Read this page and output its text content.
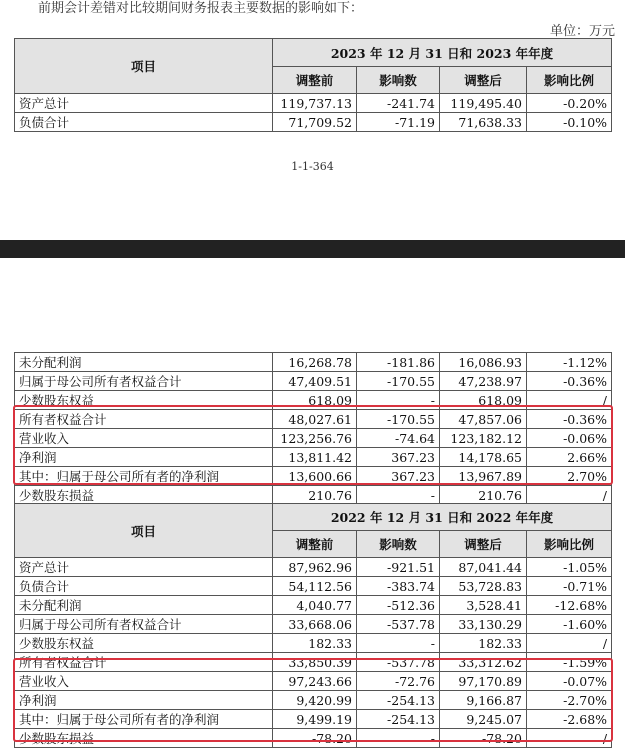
前期会计差错对比较期间财务报表主要数据的影响如下：
单位：万元
项目	2023 年 12 月 31 日和 2023 年年度			
	调整前	影响数	调整后	影响比例
资产总计	119,737.13	-241.74	119,495.40	-0.20%
负债合计	71,709.52	-71.19	71,638.33	-0.10%
1-1-364
未分配利润	16,268.78	-181.86	16,086.93	-1.12%
归属于母公司所有者权益合计	47,409.51	-170.55	47,238.97	-0.36%
少数股东权益	618.09	-	618.09	/
所有者权益合计	48,027.61	-170.55	47,857.06	-0.36%
营业收入	123,256.76	-74.64	123,182.12	-0.06%
净利润	13,811.42	367.23	14,178.65	2.66%
其中：归属于母公司所有者的净利润	13,600.66	367.23	13,967.89	2.70%
少数股东损益	210.76	-	210.76	/
项目	2022 年 12 月 31 日和 2022 年年度			
	调整前	影响数	调整后	影响比例
资产总计	87,962.96	-921.51	87,041.44	-1.05%
负债合计	54,112.56	-383.74	53,728.83	-0.71%
未分配利润	4,040.77	-512.36	3,528.41	-12.68%
归属于母公司所有者权益合计	33,668.06	-537.78	33,130.29	-1.60%
少数股东权益	182.33	-	182.33	/
所有者权益合计	33,850.39	-537.78	33,312.62	-1.59%
营业收入	97,243.66	-72.76	97,170.89	-0.07%
净利润	9,420.99	-254.13	9,166.87	-2.70%
其中：归属于母公司所有者的净利润	9,499.19	-254.13	9,245.07	-2.68%
少数股东损益	-78.20	-	-78.20	/
